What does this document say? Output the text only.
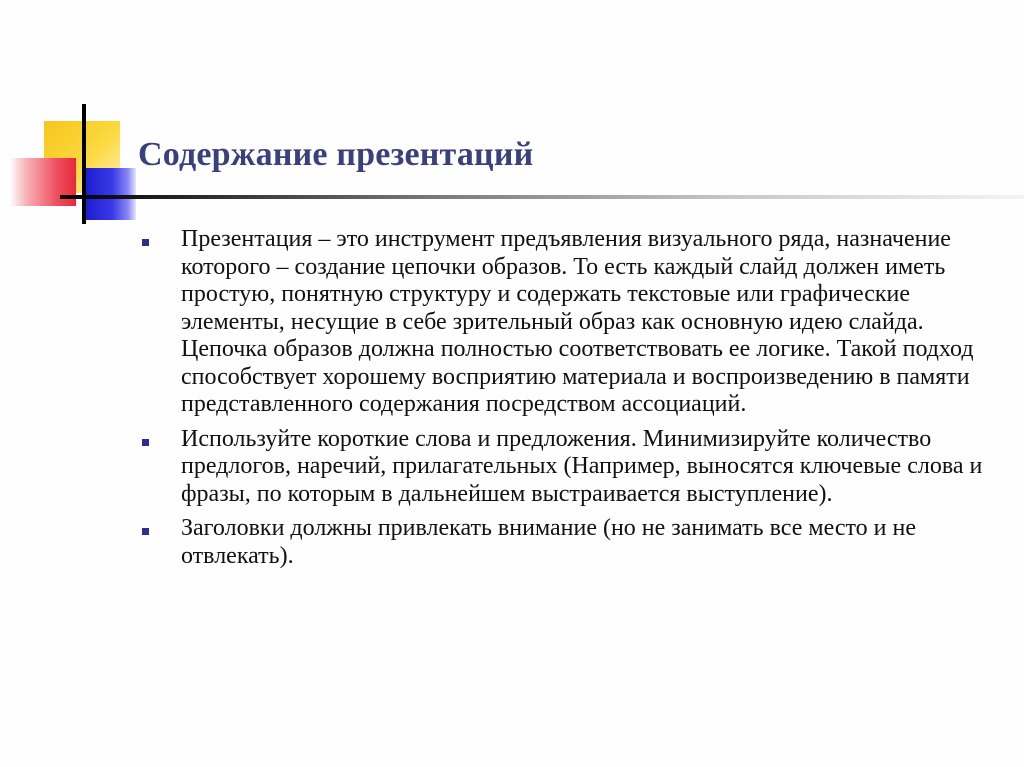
Содержание презентаций
Презентация – это инструмент предъявления визуального ряда, назначение которого – создание цепочки образов. То есть каждый слайд должен иметь простую, понятную структуру и содержать текстовые или графические элементы, несущие в себе зрительный образ как основную идею слайда. Цепочка образов должна полностью соответствовать ее логике. Такой подход способствует хорошему восприятию материала и воспроизведению в памяти представленного содержания посредством ассоциаций.
Используйте короткие слова и предложения. Минимизируйте количество предлогов, наречий, прилагательных (Например, выносятся ключевые слова и фразы, по которым в дальнейшем выстраивается выступление).
Заголовки должны привлекать внимание (но не занимать все место и не отвлекать).
